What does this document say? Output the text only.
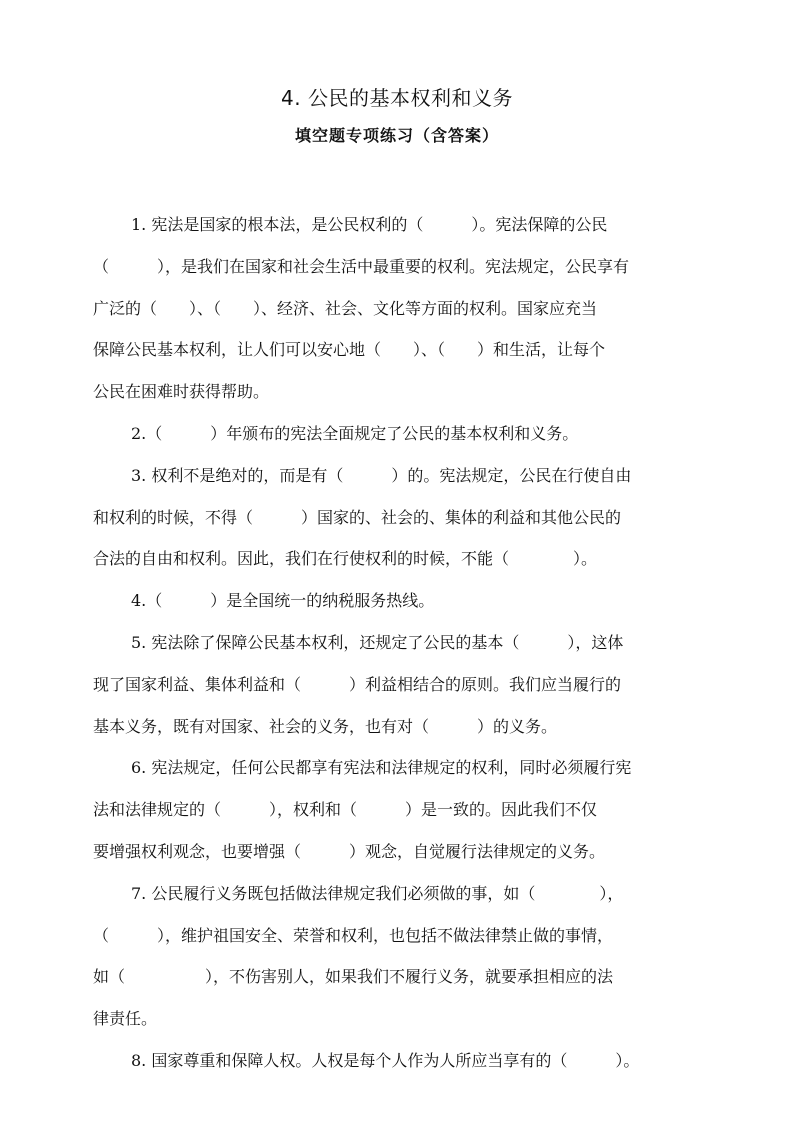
4. 公民的基本权利和义务
填空题专项练习（含答案）
1. 宪法是国家的根本法，是公民权利的（　　　）。宪法保障的公民
（　　　），是我们在国家和社会生活中最重要的权利。宪法规定，公民享有
广泛的（　　）、（　　）、经济、社会、文化等方面的权利。国家应充当
保障公民基本权利，让人们可以安心地（　　）、（　　）和生活，让每个
公民在困难时获得帮助。
2.（　　　）年颁布的宪法全面规定了公民的基本权利和义务。
3. 权利不是绝对的，而是有（　　　）的。宪法规定，公民在行使自由
和权利的时候，不得（　　　）国家的、社会的、集体的利益和其他公民的
合法的自由和权利。因此，我们在行使权利的时候，不能（　　　　）。
4.（　　　）是全国统一的纳税服务热线。
5. 宪法除了保障公民基本权利，还规定了公民的基本（　　　），这体
现了国家利益、集体利益和（　　　）利益相结合的原则。我们应当履行的
基本义务，既有对国家、社会的义务，也有对（　　　）的义务。
6. 宪法规定，任何公民都享有宪法和法律规定的权利，同时必须履行宪
法和法律规定的（　　　），权利和（　　　）是一致的。因此我们不仅
要增强权利观念，也要增强（　　　）观念，自觉履行法律规定的义务。
7. 公民履行义务既包括做法律规定我们必须做的事，如（　　　　），
（　　　），维护祖国安全、荣誉和权利，也包括不做法律禁止做的事情，
如（　　　　　），不伤害别人，如果我们不履行义务，就要承担相应的法
律责任。
8. 国家尊重和保障人权。人权是每个人作为人所应当享有的（　　　）。
